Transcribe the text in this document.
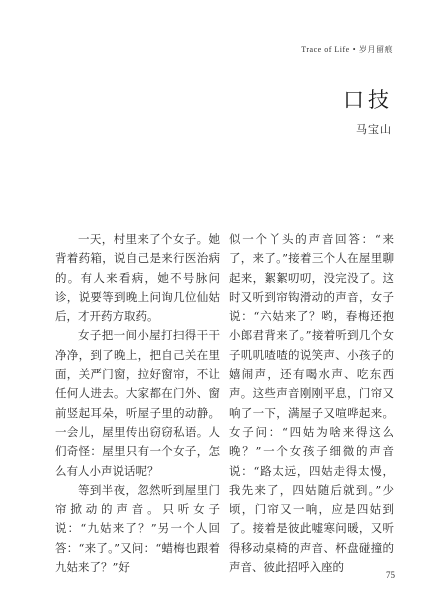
Trace of Life • 岁月留痕
口技
马宝山

一天，村里来了个女子。她背着药箱，说自己是来行医治病的。有人来看病，她不号脉问诊，说要等到晚上问询几位仙姑后，才开药方取药。

女子把一间小屋打扫得干干净净，到了晚上，把自己关在里面，关严门窗，拉好窗帘，不让任何人进去。大家都在门外、窗前竖起耳朵，听屋子里的动静。一会儿，屋里传出窃窃私语。人们奇怪：屋里只有一个女子，怎么有人小声说话呢？

等到半夜，忽然听到屋里门帘掀动的声音。只听女子说：“九姑来了？”另一个人回答：“来了。”又问：“蜡梅也跟着九姑来了？”好

似一个丫头的声音回答：“来了，来了。”接着三个人在屋里聊起来，絮絮叨叨，没完没了。这时又听到帘钩滑动的声音，女子说：“六姑来了？哟，春梅还抱小郎君背来了。”接着听到几个女子叽叽喳喳的说笑声、小孩子的嬉闹声，还有喝水声、吃东西声。这些声音刚刚平息，门帘又响了一下，满屋子又喧哗起来。女子问：“四姑为啥来得这么晚？”一个女孩子细微的声音说：“路太远，四姑走得太慢，我先来了，四姑随后就到。”少顷，门帘又一响，应是四姑到了。接着是彼此嘘寒问暖，又听得移动桌椅的声音、杯盘碰撞的声音、彼此招呼入座的

75
